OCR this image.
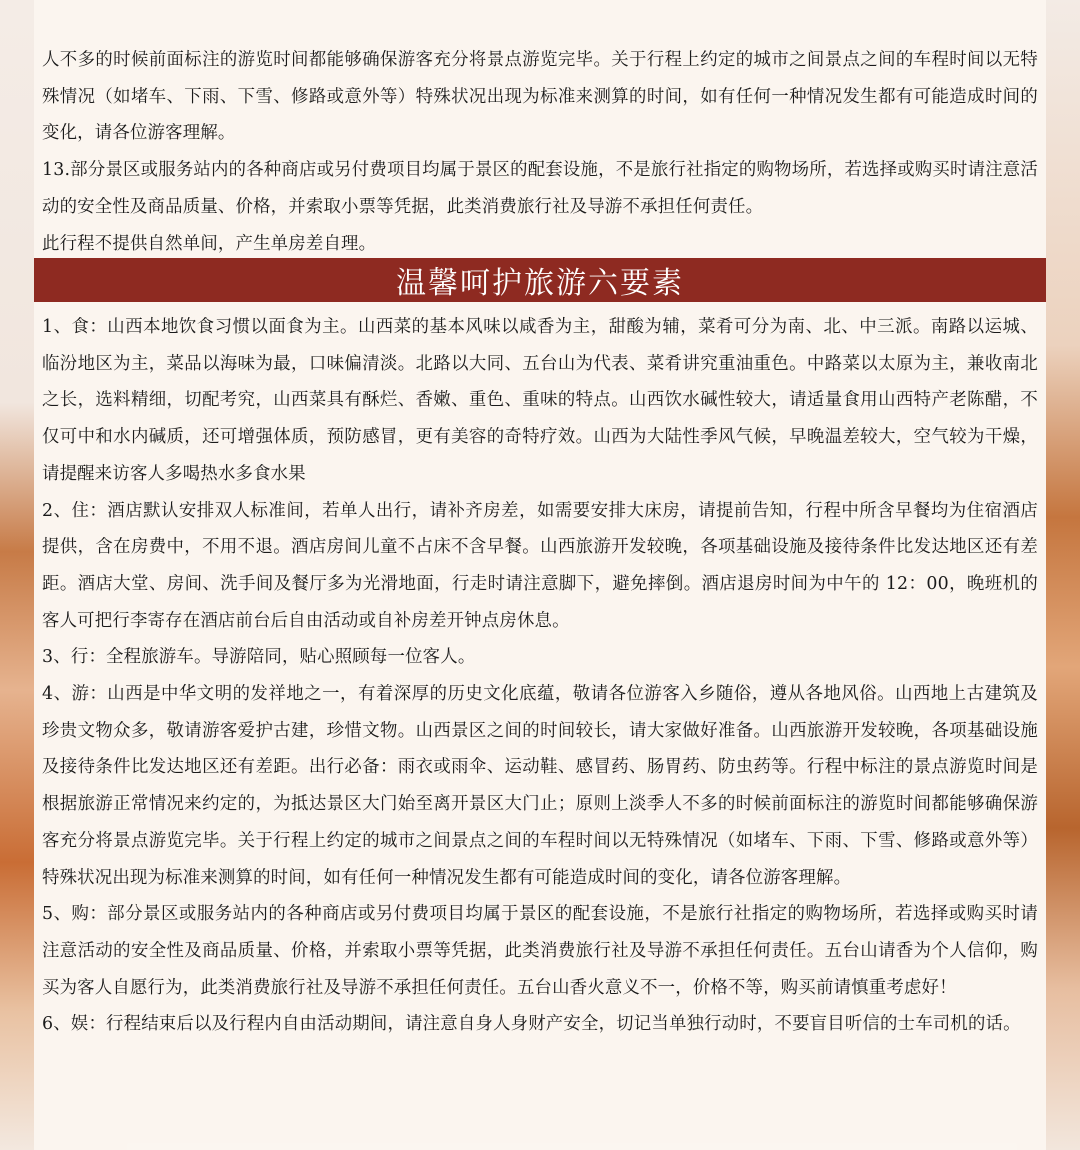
人不多的时候前面标注的游览时间都能够确保游客充分将景点游览完毕。关于行程上约定的城市之间景点之间的车程时间以无特殊情况（如堵车、下雨、下雪、修路或意外等）特殊状况出现为标准来测算的时间，如有任何一种情况发生都有可能造成时间的变化，请各位游客理解。

13.部分景区或服务站内的各种商店或另付费项目均属于景区的配套设施，不是旅行社指定的购物场所，若选择或购买时请注意活动的安全性及商品质量、价格，并索取小票等凭据，此类消费旅行社及导游不承担任何责任。

此行程不提供自然单间，产生单房差自理。

温馨呵护旅游六要素

1、食：山西本地饮食习惯以面食为主。山西菜的基本风味以咸香为主，甜酸为辅，菜肴可分为南、北、中三派。南路以运城、临汾地区为主，菜品以海味为最，口味偏清淡。北路以大同、五台山为代表、菜肴讲究重油重色。中路菜以太原为主，兼收南北之长，选料精细，切配考究，山西菜具有酥烂、香嫩、重色、重味的特点。山西饮水碱性较大，请适量食用山西特产老陈醋，不仅可中和水内碱质，还可增强体质，预防感冒，更有美容的奇特疗效。山西为大陆性季风气候，早晚温差较大，空气较为干燥，请提醒来访客人多喝热水多食水果

2、住：酒店默认安排双人标准间，若单人出行，请补齐房差，如需要安排大床房，请提前告知，行程中所含早餐均为住宿酒店提供，含在房费中，不用不退。酒店房间儿童不占床不含早餐。山西旅游开发较晚，各项基础设施及接待条件比发达地区还有差距。酒店大堂、房间、洗手间及餐厅多为光滑地面，行走时请注意脚下，避免摔倒。酒店退房时间为中午的 12：00，晚班机的客人可把行李寄存在酒店前台后自由活动或自补房差开钟点房休息。

3、行：全程旅游车。导游陪同，贴心照顾每一位客人。

4、游：山西是中华文明的发祥地之一，有着深厚的历史文化底蕴，敬请各位游客入乡随俗，遵从各地风俗。山西地上古建筑及珍贵文物众多，敬请游客爱护古建，珍惜文物。山西景区之间的时间较长，请大家做好准备。山西旅游开发较晚，各项基础设施及接待条件比发达地区还有差距。出行必备：雨衣或雨伞、运动鞋、感冒药、肠胃药、防虫药等。行程中标注的景点游览时间是根据旅游正常情况来约定的，为抵达景区大门始至离开景区大门止；原则上淡季人不多的时候前面标注的游览时间都能够确保游客充分将景点游览完毕。关于行程上约定的城市之间景点之间的车程时间以无特殊情况（如堵车、下雨、下雪、修路或意外等）特殊状况出现为标准来测算的时间，如有任何一种情况发生都有可能造成时间的变化，请各位游客理解。

5、购：部分景区或服务站内的各种商店或另付费项目均属于景区的配套设施，不是旅行社指定的购物场所，若选择或购买时请注意活动的安全性及商品质量、价格，并索取小票等凭据，此类消费旅行社及导游不承担任何责任。五台山请香为个人信仰，购买为客人自愿行为，此类消费旅行社及导游不承担任何责任。五台山香火意义不一，价格不等，购买前请慎重考虑好！

6、娱：行程结束后以及行程内自由活动期间，请注意自身人身财产安全，切记当单独行动时，不要盲目听信的士车司机的话。
